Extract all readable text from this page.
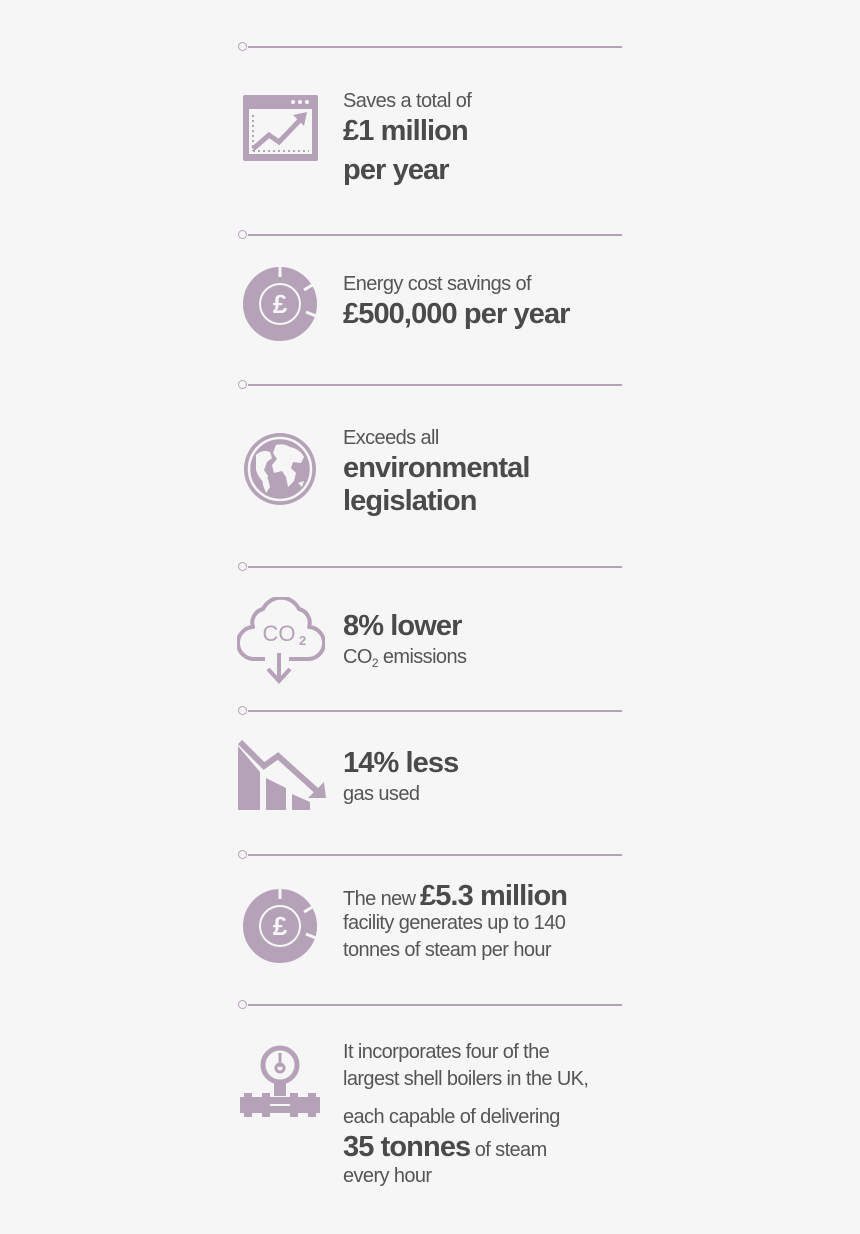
Saves a total of
£1 million
per year
£
Energy cost savings of
£500,000 per year
Exceeds all
environmental
legislation
CO 2 8% lower
$CO_2$ emissions
14% less
gas used
£
The new £5.3 million
facility generates up to 140
tonnes of steam per hour
It incorporates four of the
largest shell boilers in the UK,
each capable of delivering
35 tonnes of steam
every hour
